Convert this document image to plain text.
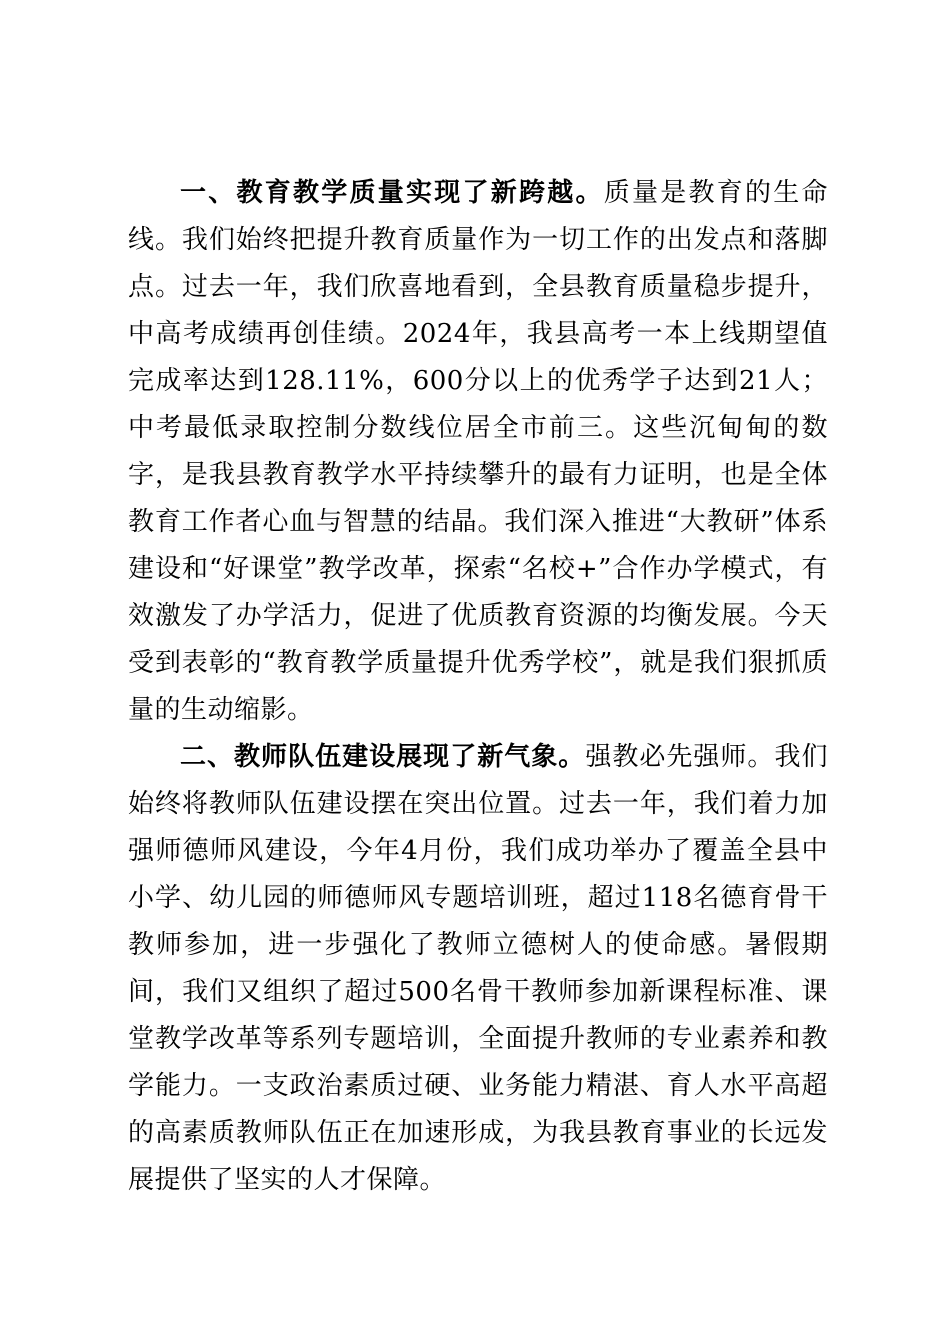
一、教育教学质量实现了新跨越。质量是教育的生命线。我们始终把提升教育质量作为一切工作的出发点和落脚点。过去一年，我们欣喜地看到，全县教育质量稳步提升，中高考成绩再创佳绩。2024年，我县高考一本上线期望值完成率达到128.11%，600分以上的优秀学子达到21人；中考最低录取控制分数线位居全市前三。这些沉甸甸的数字，是我县教育教学水平持续攀升的最有力证明，也是全体教育工作者心血与智慧的结晶。我们深入推进“大教研”体系建设和“好课堂”教学改革，探索“名校+”合作办学模式，有效激发了办学活力，促进了优质教育资源的均衡发展。今天受到表彰的“教育教学质量提升优秀学校”，就是我们狠抓质量的生动缩影。

二、教师队伍建设展现了新气象。强教必先强师。我们始终将教师队伍建设摆在突出位置。过去一年，我们着力加强师德师风建设，今年4月份，我们成功举办了覆盖全县中小学、幼儿园的师德师风专题培训班，超过118名德育骨干教师参加，进一步强化了教师立德树人的使命感。暑假期间，我们又组织了超过500名骨干教师参加新课程标准、课堂教学改革等系列专题培训，全面提升教师的专业素养和教学能力。一支政治素质过硬、业务能力精湛、育人水平高超的高素质教师队伍正在加速形成，为我县教育事业的长远发展提供了坚实的人才保障。
